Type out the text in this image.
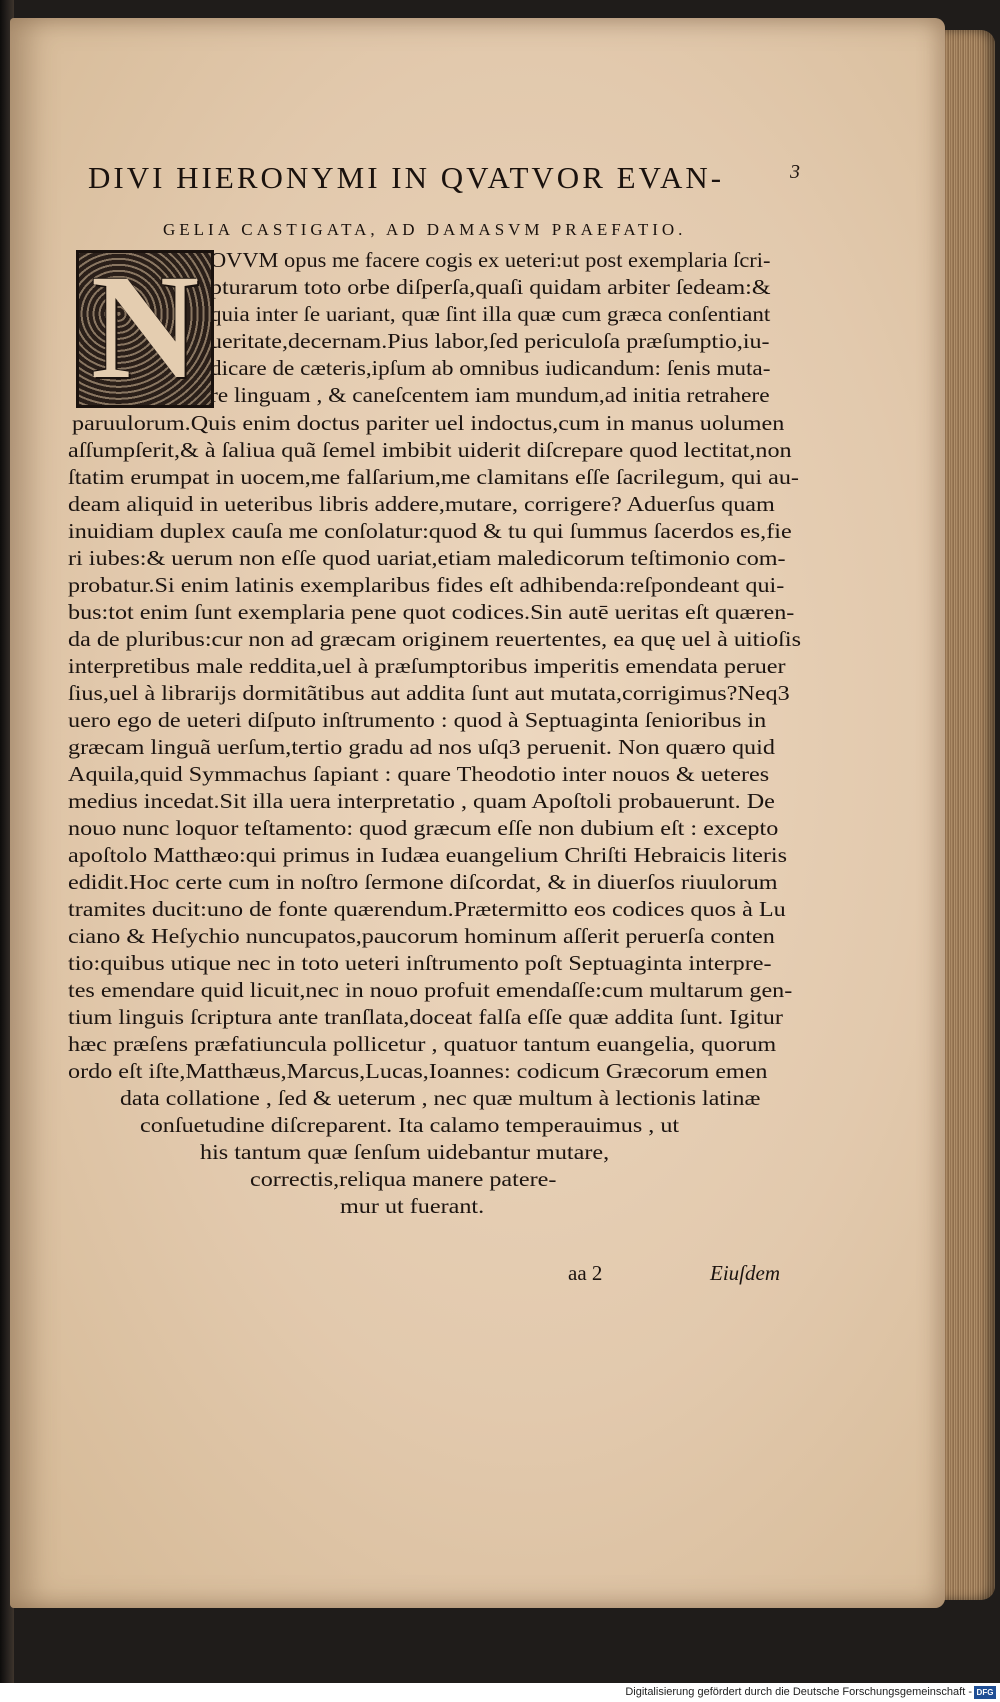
DIVI HIERONYMI IN QVATVOR EVAN-
GELIA CASTIGATA, AD DAMASVM PRAEFATIO.
3
N OVVM opus me facere cogis ex ueteri:ut post exemplaria ſcri-
pturarum toto orbe diſperſa,quaſi quidam arbiter ſedeam:&
quia inter ſe uariant, quæ ſint illa quæ cum græca conſentiant
ueritate,decernam.Pius labor,ſed periculoſa præſumptio,iu-
dicare de cæteris,ipſum ab omnibus iudicandum: ſenis muta-
re linguam , & caneſcentem iam mundum,ad initia retrahere
paruulorum.Quis enim doctus pariter uel indoctus,cum in manus uolumen
aſſumpſerit,& à ſaliua quã ſemel imbibit uiderit diſcrepare quod lectitat,non
ſtatim erumpat in uocem,me falſarium,me clamitans eſſe ſacrilegum, qui au-
deam aliquid in ueteribus libris addere,mutare, corrigere? Aduerſus quam
inuidiam duplex cauſa me conſolatur:quod & tu qui ſummus ſacerdos es,fie
ri iubes:& uerum non eſſe quod uariat,etiam maledicorum teſtimonio com-
probatur.Si enim latinis exemplaribus fides eſt adhibenda:reſpondeant qui-
bus:tot enim ſunt exemplaria pene quot codices.Sin autē ueritas eſt quæren-
da de pluribus:cur non ad græcam originem reuertentes, ea quę uel à uitioſis
interpretibus male reddita,uel à præſumptoribus imperitis emendata peruer
ſius,uel à librarijs dormitãtibus aut addita ſunt aut mutata,corrigimus?Neq3
uero ego de ueteri diſputo inſtrumento : quod à Septuaginta ſenioribus in
græcam linguã uerſum,tertio gradu ad nos uſq3 peruenit. Non quæro quid
Aquila,quid Symmachus ſapiant : quare Theodotio inter nouos & ueteres
medius incedat.Sit illa uera interpretatio , quam Apoſtoli probauerunt. De
nouo nunc loquor teſtamento: quod græcum eſſe non dubium eſt : excepto
apoſtolo Matthæo:qui primus in Iudæa euangelium Chriſti Hebraicis literis
edidit.Hoc certe cum in noſtro ſermone diſcordat, & in diuerſos riuulorum
tramites ducit:uno de fonte quærendum.Prætermitto eos codices quos à Lu
ciano & Heſychio nuncupatos,paucorum hominum aſſerit peruerſa conten
tio:quibus utique nec in toto ueteri inſtrumento poſt Septuaginta interpre-
tes emendare quid licuit,nec in nouo profuit emendaſſe:cum multarum gen-
tium linguis ſcriptura ante tranſlata,doceat falſa eſſe quæ addita ſunt. Igitur
hæc præſens præfatiuncula pollicetur , quatuor tantum euangelia, quorum
ordo eſt iſte,Matthæus,Marcus,Lucas,Ioannes: codicum Græcorum emen
data collatione , ſed & ueterum , nec quæ multum à lectionis latinæ
conſuetudine diſcreparent. Ita calamo temperauimus , ut
his tantum quæ ſenſum uidebantur mutare,
correctis,reliqua manere patere-
mur ut fuerant.
aa 2	Eiuſdem
Digitalisierung gefördert durch die Deutsche Forschungsgemeinschaft - DFG
